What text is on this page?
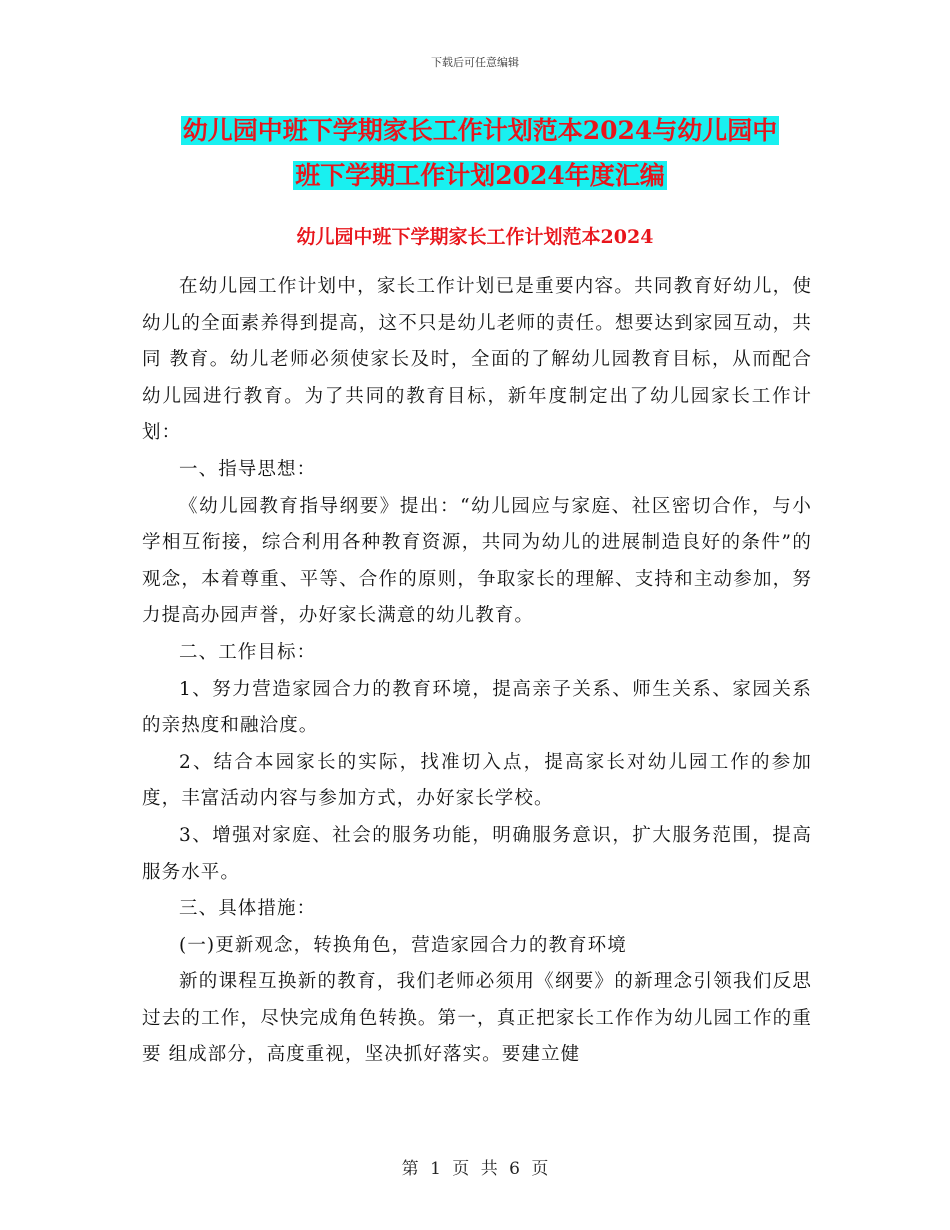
下载后可任意编辑
幼儿园中班下学期家长工作计划范本2024与幼儿园中
班下学期工作计划2024年度汇编
幼儿园中班下学期家长工作计划范本2024

在幼儿园工作计划中，家长工作计划已是重要内容。共同教育好幼儿，使幼儿的全面素养得到提高，这不只是幼儿老师的责任。想要达到家园互动，共同 教育。幼儿老师必须使家长及时，全面的了解幼儿园教育目标，从而配合幼儿园进行教育。为了共同的教育目标，新年度制定出了幼儿园家长工作计划：

一、指导思想：

《幼儿园教育指导纲要》提出：“幼儿园应与家庭、社区密切合作，与小学相互衔接，综合利用各种教育资源，共同为幼儿的进展制造良好的条件”的观念，本着尊重、平等、合作的原则，争取家长的理解、支持和主动参加，努力提高办园声誉，办好家长满意的幼儿教育。

二、工作目标：

1、努力营造家园合力的教育环境，提高亲子关系、师生关系、家园关系的亲热度和融洽度。

2、结合本园家长的实际，找准切入点，提高家长对幼儿园工作的参加度，丰富活动内容与参加方式，办好家长学校。

3、增强对家庭、社会的服务功能，明确服务意识，扩大服务范围，提高服务水平。

三、具体措施：

(一)更新观念，转换角色，营造家园合力的教育环境

新的课程互换新的教育，我们老师必须用《纲要》的新理念引领我们反思过去的工作，尽快完成角色转换。第一，真正把家长工作作为幼儿园工作的重要 组成部分，高度重视，坚决抓好落实。要建立健

第 1 页 共 6 页
